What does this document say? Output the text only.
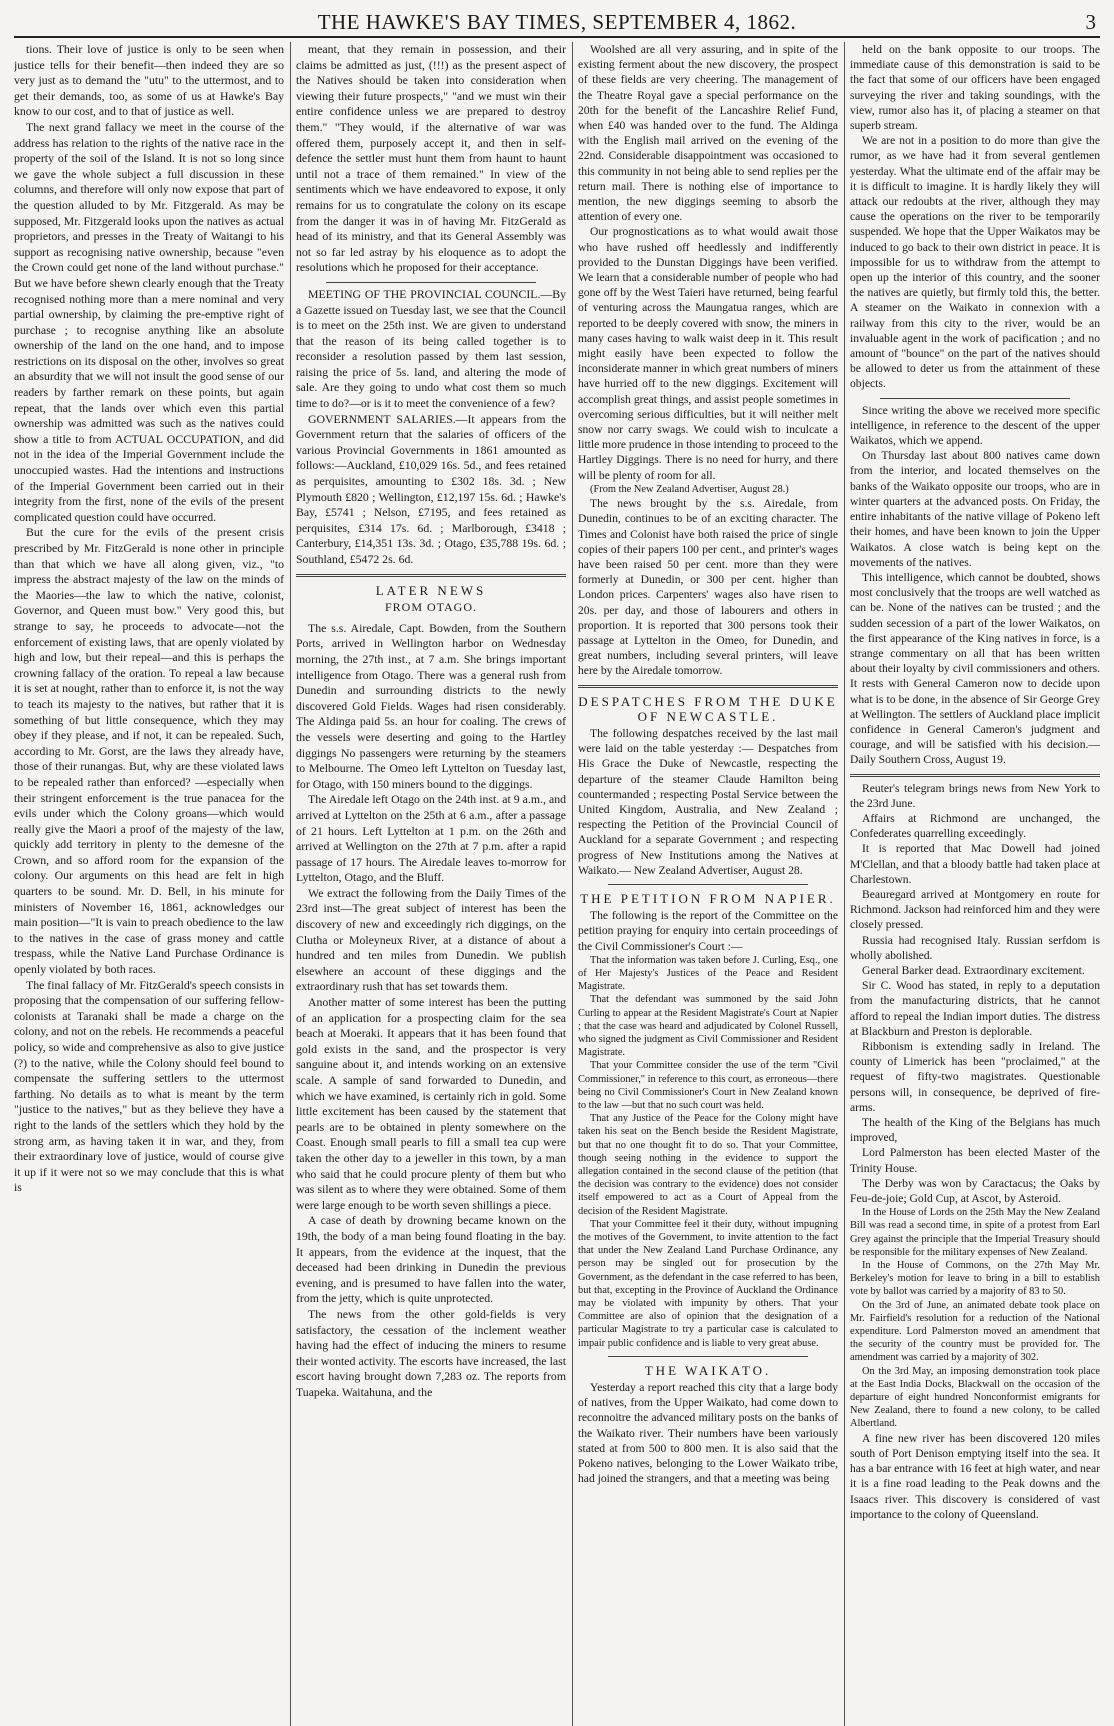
THE HAWKE'S BAY TIMES, SEPTEMBER 4, 1862.	3

tions. Their love of justice is only to be seen when justice tells for their benefit—then indeed they are so very just as to demand the "utu" to the uttermost, and to get their demands, too, as some of us at Hawke's Bay know to our cost, and to that of justice as well.

The next grand fallacy we meet in the course of the address has relation to the rights of the native race in the property of the soil of the Island. It is not so long since we gave the whole subject a full discussion in these columns, and therefore will only now expose that part of the question alluded to by Mr. Fitzgerald. As may be supposed, Mr. Fitzgerald looks upon the natives as actual proprietors, and presses in the Treaty of Waitangi to his support as recognising native ownership, because "even the Crown could get none of the land without purchase." But we have before shewn clearly enough that the Treaty recognised nothing more than a mere nominal and very partial ownership, by claiming the pre-emptive right of purchase ; to recognise anything like an absolute ownership of the land on the one hand, and to impose restrictions on its disposal on the other, involves so great an absurdity that we will not insult the good sense of our readers by farther remark on these points, but again repeat, that the lands over which even this partial ownership was admitted was such as the natives could show a title to from ACTUAL OCCUPATION, and did not in the idea of the Imperial Government include the unoccupied wastes. Had the intentions and instructions of the Imperial Government been carried out in their integrity from the first, none of the evils of the present complicated question could have occurred.

But the cure for the evils of the present crisis prescribed by Mr. FitzGerald is none other in principle than that which we have all along given, viz., "to impress the abstract majesty of the law on the minds of the Maories—the law to which the native, colonist, Governor, and Queen must bow." Very good this, but strange to say, he proceeds to advocate—not the enforcement of existing laws, that are openly violated by high and low, but their repeal—and this is perhaps the crowning fallacy of the oration. To repeal a law because it is set at nought, rather than to enforce it, is not the way to teach its majesty to the natives, but rather that it is something of but little consequence, which they may obey if they please, and if not, it can be repealed. Such, according to Mr. Gorst, are the laws they already have, those of their runangas. But, why are these violated laws to be repealed rather than enforced? —especially when their stringent enforcement is the true panacea for the evils under which the Colony groans—which would really give the Maori a proof of the majesty of the law, quickly add territory in plenty to the demesne of the Crown, and so afford room for the expansion of the colony. Our arguments on this head are felt in high quarters to be sound. Mr. D. Bell, in his minute for ministers of November 16, 1861, acknowledges our main position—"It is vain to preach obedience to the law to the natives in the case of grass money and cattle trespass, while the Native Land Purchase Ordinance is openly violated by both races.

The final fallacy of Mr. FitzGerald's speech consists in proposing that the compensation of our suffering fellow-colonists at Taranaki shall be made a charge on the colony, and not on the rebels. He recommends a peaceful policy, so wide and comprehensive as also to give justice (?) to the native, while the Colony should feel bound to compensate the suffering settlers to the uttermost farthing. No details as to what is meant by the term "justice to the natives," but as they believe they have a right to the lands of the settlers which they hold by the strong arm, as having taken it in war, and they, from their extraordinary love of justice, would of course give it up if it were not so we may conclude that this is what is

meant, that they remain in possession, and their claims be admitted as just, (!!!) as the present aspect of the Natives should be taken into consideration when viewing their future prospects," "and we must win their entire confidence unless we are prepared to destroy them." "They would, if the alternative of war was offered them, purposely accept it, and then in self-defence the settler must hunt them from haunt to haunt until not a trace of them remained." In view of the sentiments which we have endeavored to expose, it only remains for us to congratulate the colony on its escape from the danger it was in of having Mr. FitzGerald as head of its ministry, and that its General Assembly was not so far led astray by his eloquence as to adopt the resolutions which he proposed for their acceptance.

MEETING OF THE PROVINCIAL COUNCIL.—By a Gazette issued on Tuesday last, we see that the Council is to meet on the 25th inst. We are given to understand that the reason of its being called together is to reconsider a resolution passed by them last session, raising the price of 5s. land, and altering the mode of sale. Are they going to undo what cost them so much time to do?—or is it to meet the convenience of a few?

GOVERNMENT SALARIES.—It appears from the Government return that the salaries of officers of the various Provincial Governments in 1861 amounted as follows:—Auckland, £10,029 16s. 5d., and fees retained as perquisites, amounting to £302 18s. 3d. ; New Plymouth £820 ; Wellington, £12,197 15s. 6d. ; Hawke's Bay, £5741 ; Nelson, £7195, and fees retained as perquisites, £314 17s. 6d. ; Marlborough, £3418 ; Canterbury, £14,351 13s. 3d. ; Otago, £35,788 19s. 6d. ; Southland, £5472 2s. 6d.

LATER NEWS
FROM OTAGO.

The s.s. Airedale, Capt. Bowden, from the Southern Ports, arrived in Wellington harbor on Wednesday morning, the 27th inst., at 7 a.m. She brings important intelligence from Otago. There was a general rush from Dunedin and surrounding districts to the newly discovered Gold Fields. Wages had risen considerably. The Aldinga paid 5s. an hour for coaling. The crews of the vessels were deserting and going to the Hartley diggings No passengers were returning by the steamers to Melbourne. The Omeo left Lyttelton on Tuesday last, for Otago, with 150 miners bound to the diggings.

The Airedale left Otago on the 24th inst. at 9 a.m., and arrived at Lyttelton on the 25th at 6 a.m., after a passage of 21 hours. Left Lyttelton at 1 p.m. on the 26th and arrived at Wellington on the 27th at 7 p.m. after a rapid passage of 17 hours. The Airedale leaves to-morrow for Lyttelton, Otago, and the Bluff.

We extract the following from the Daily Times of the 23rd inst—The great subject of interest has been the discovery of new and exceedingly rich diggings, on the Clutha or Moleyneux River, at a distance of about a hundred and ten miles from Dunedin. We publish elsewhere an account of these diggings and the extraordinary rush that has set towards them.

Another matter of some interest has been the putting of an application for a prospecting claim for the sea beach at Moeraki. It appears that it has been found that gold exists in the sand, and the prospector is very sanguine about it, and intends working on an extensive scale. A sample of sand forwarded to Dunedin, and which we have examined, is certainly rich in gold. Some little excitement has been caused by the statement that pearls are to be obtained in plenty somewhere on the Coast. Enough small pearls to fill a small tea cup were taken the other day to a jeweller in this town, by a man who said that he could procure plenty of them but who was silent as to where they were obtained. Some of them were large enough to be worth seven shillings a piece.

A case of death by drowning became known on the 19th, the body of a man being found floating in the bay. It appears, from the evidence at the inquest, that the deceased had been drinking in Dunedin the previous evening, and is presumed to have fallen into the water, from the jetty, which is quite unprotected.

The news from the other gold-fields is very satisfactory, the cessation of the inclement weather having had the effect of inducing the miners to resume their wonted activity. The escorts have increased, the last escort having brought down 7,283 oz. The reports from Tuapeka. Waitahuna, and the

Woolshed are all very assuring, and in spite of the existing ferment about the new discovery, the prospect of these fields are very cheering. The management of the Theatre Royal gave a special performance on the 20th for the benefit of the Lancashire Relief Fund, when £40 was handed over to the fund. The Aldinga with the English mail arrived on the evening of the 22nd. Considerable disappointment was occasioned to this community in not being able to send replies per the return mail. There is nothing else of importance to mention, the new diggings seeming to absorb the attention of every one.

Our prognostications as to what would await those who have rushed off heedlessly and indifferently provided to the Dunstan Diggings have been verified. We learn that a considerable number of people who had gone off by the West Taieri have returned, being fearful of venturing across the Maungatua ranges, which are reported to be deeply covered with snow, the miners in many cases having to walk waist deep in it. This result might easily have been expected to follow the inconsiderate manner in which great numbers of miners have hurried off to the new diggings. Excitement will accomplish great things, and assist people sometimes in overcoming serious difficulties, but it will neither melt snow nor carry swags. We could wish to inculcate a little more prudence in those intending to proceed to the Hartley Diggings. There is no need for hurry, and there will be plenty of room for all.

(From the New Zealand Advertiser, August 28.)

The news brought by the s.s. Airedale, from Dunedin, continues to be of an exciting character. The Times and Colonist have both raised the price of single copies of their papers 100 per cent., and printer's wages have been raised 50 per cent. more than they were formerly at Dunedin, or 300 per cent. higher than London prices. Carpenters' wages also have risen to 20s. per day, and those of labourers and others in proportion. It is reported that 300 persons took their passage at Lyttelton in the Omeo, for Dunedin, and great numbers, including several printers, will leave here by the Airedale tomorrow.

DESPATCHES FROM THE DUKE OF NEWCASTLE.

The following despatches received by the last mail were laid on the table yesterday :— Despatches from His Grace the Duke of Newcastle, respecting the departure of the steamer Claude Hamilton being countermanded ; respecting Postal Service between the United Kingdom, Australia, and New Zealand ; respecting the Petition of the Provincial Council of Auckland for a separate Government ; and respecting progress of New Institutions among the Natives at Waikato.— New Zealand Advertiser, August 28.

THE PETITION FROM NAPIER.

The following is the report of the Committee on the petition praying for enquiry into certain proceedings of the Civil Commissioner's Court :—

That the information was taken before J. Curling, Esq., one of Her Majesty's Justices of the Peace and Resident Magistrate.

That the defendant was summoned by the said John Curling to appear at the Resident Magistrate's Court at Napier ; that the case was heard and adjudicated by Colonel Russell, who signed the judgment as Civil Commissioner and Resident Magistrate.

That your Committee consider the use of the term "Civil Commissioner," in reference to this court, as erroneous—there being no Civil Commissioner's Court in New Zealand known to the law —but that no such court was held.

That any Justice of the Peace for the Colony might have taken his seat on the Bench beside the Resident Magistrate, but that no one thought fit to do so. That your Committee, though seeing nothing in the evidence to support the allegation contained in the second clause of the petition (that the decision was contrary to the evidence) does not consider itself empowered to act as a Court of Appeal from the decision of the Resident Magistrate.

That your Committee feel it their duty, without impugning the motives of the Government, to invite attention to the fact that under the New Zealand Land Purchase Ordinance, any person may be singled out for prosecution by the Government, as the defendant in the case referred to has been, but that, excepting in the Province of Auckland the Ordinance may be violated with impunity by others. That your Committee are also of opinion that the designation of a particular Magistrate to try a particular case is calculated to impair public confidence and is liable to very great abuse.

THE WAIKATO.

Yesterday a report reached this city that a large body of natives, from the Upper Waikato, had come down to reconnoitre the advanced military posts on the banks of the Waikato river. Their numbers have been variously stated at from 500 to 800 men. It is also said that the Pokeno natives, belonging to the Lower Waikato tribe, had joined the strangers, and that a meeting was being

held on the bank opposite to our troops. The immediate cause of this demonstration is said to be the fact that some of our officers have been engaged surveying the river and taking soundings, with the view, rumor also has it, of placing a steamer on that superb stream.

We are not in a position to do more than give the rumor, as we have had it from several gentlemen yesterday. What the ultimate end of the affair may be it is difficult to imagine. It is hardly likely they will attack our redoubts at the river, although they may cause the operations on the river to be temporarily suspended. We hope that the Upper Waikatos may be induced to go back to their own district in peace. It is impossible for us to withdraw from the attempt to open up the interior of this country, and the sooner the natives are quietly, but firmly told this, the better. A steamer on the Waikato in connexion with a railway from this city to the river, would be an invaluable agent in the work of pacification ; and no amount of "bounce" on the part of the natives should be allowed to deter us from the attainment of these objects.

Since writing the above we received more specific intelligence, in reference to the descent of the upper Waikatos, which we append.

On Thursday last about 800 natives came down from the interior, and located themselves on the banks of the Waikato opposite our troops, who are in winter quarters at the advanced posts. On Friday, the entire inhabitants of the native village of Pokeno left their homes, and have been known to join the Upper Waikatos. A close watch is being kept on the movements of the natives.

This intelligence, which cannot be doubted, shows most conclusively that the troops are well watched as can be. None of the natives can be trusted ; and the sudden secession of a part of the lower Waikatos, on the first appearance of the King natives in force, is a strange commentary on all that has been written about their loyalty by civil commissioners and others. It rests with General Cameron now to decide upon what is to be done, in the absence of Sir George Grey at Wellington. The settlers of Auckland place implicit confidence in General Cameron's judgment and courage, and will be satisfied with his decision.—Daily Southern Cross, August 19.

Reuter's telegram brings news from New York to the 23rd June.

Affairs at Richmond are unchanged, the Confederates quarrelling exceedingly.

It is reported that Mac Dowell had joined M'Clellan, and that a bloody battle had taken place at Charlestown.

Beauregard arrived at Montgomery en route for Richmond. Jackson had reinforced him and they were closely pressed.

Russia had recognised Italy. Russian serfdom is wholly abolished.

General Barker dead. Extraordinary excitement.

Sir C. Wood has stated, in reply to a deputation from the manufacturing districts, that he cannot afford to repeal the Indian import duties. The distress at Blackburn and Preston is deplorable.

Ribbonism is extending sadly in Ireland. The county of Limerick has been "proclaimed," at the request of fifty-two magistrates. Questionable persons will, in consequence, be deprived of fire-arms.

The health of the King of the Belgians has much improved,

Lord Palmerston has been elected Master of the Trinity House.

The Derby was won by Caractacus; the Oaks by Feu-de-joie; Gold Cup, at Ascot, by Asteroid.

In the House of Lords on the 25th May the New Zealand Bill was read a second time, in spite of a protest from Earl Grey against the principle that the Imperial Treasury should be responsible for the military expenses of New Zealand.

In the House of Commons, on the 27th May Mr. Berkeley's motion for leave to bring in a bill to establish vote by ballot was carried by a majority of 83 to 50.

On the 3rd of June, an animated debate took place on Mr. Fairfield's resolution for a reduction of the National expenditure. Lord Palmerston moved an amendment that the security of the country must be provided for. The amendment was carried by a majority of 302.

On the 3rd May, an imposing demonstration took place at the East India Docks, Blackwall on the occasion of the departure of eight hundred Nonconformist emigrants for New Zealand, there to found a new colony, to be called Albertland.

A fine new river has been discovered 120 miles south of Port Denison emptying itself into the sea. It has a bar entrance with 16 feet at high water, and near it is a fine road leading to the Peak downs and the Isaacs river. This discovery is considered of vast importance to the colony of Queensland.
